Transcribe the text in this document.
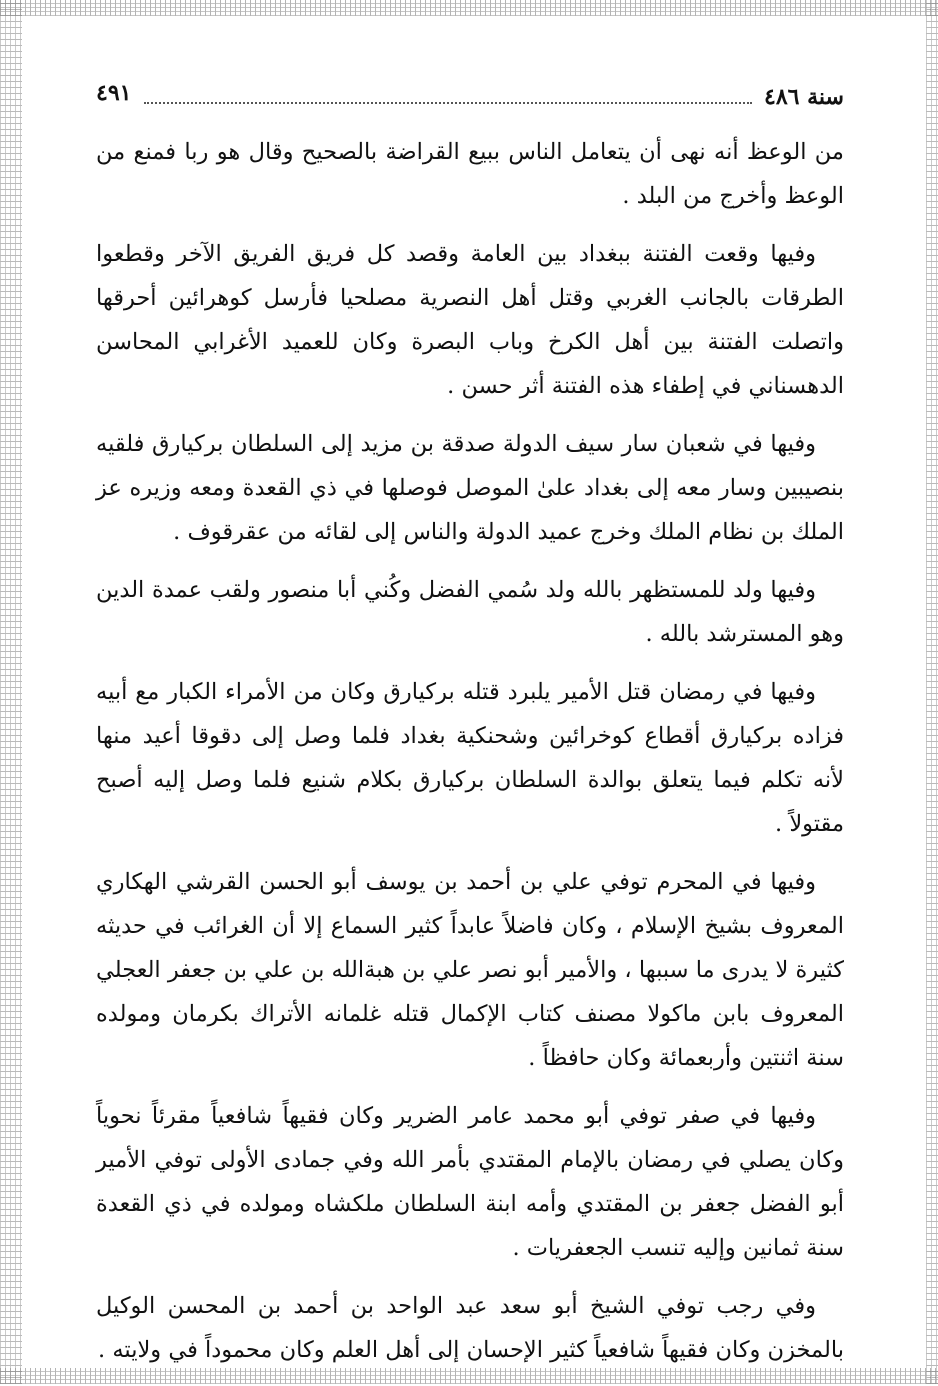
سنة ٤٨٦
٤٩١

من الوعظ أنه نهى أن يتعامل الناس ببيع القراضة بالصحيح وقال هو ربا فمنع من الوعظ وأخرج من البلد .

وفيها وقعت الفتنة ببغداد بين العامة وقصد كل فريق الفريق الآخر وقطعوا الطرقات بالجانب الغربي وقتل أهل النصرية مصلحيا فأرسل كوهرائين أحرقها واتصلت الفتنة بين أهل الكرخ وباب البصرة وكان للعميد الأغرابي المحاسن الدهسناني في إطفاء هذه الفتنة أثر حسن .

وفيها في شعبان سار سيف الدولة صدقة بن مزيد إلى السلطان بركيارق فلقيه بنصيبين وسار معه إلى بغداد علىٰ الموصل فوصلها في ذي القعدة ومعه وزيره عز الملك بن نظام الملك وخرج عميد الدولة والناس إلى لقائه من عقرقوف .

وفيها ولد للمستظهر بالله ولد سُمي الفضل وكُني أبا منصور ولقب عمدة الدين وهو المسترشد بالله .

وفيها في رمضان قتل الأمير يلبرد قتله بركيارق وكان من الأمراء الكبار مع أبيه فزاده بركيارق أقطاع كوخرائين وشحنكية بغداد فلما وصل إلى دقوقا أعيد منها لأنه تكلم فيما يتعلق بوالدة السلطان بركيارق بكلام شنيع فلما وصل إليه أصبح مقتولاً .

وفيها في المحرم توفي علي بن أحمد بن يوسف أبو الحسن القرشي الهكاري المعروف بشيخ الإسلام ، وكان فاضلاً عابداً كثير السماع إلا أن الغرائب في حديثه كثيرة لا يدرى ما سببها ، والأمير أبو نصر علي بن هبةالله بن علي بن جعفر العجلي المعروف بابن ماكولا مصنف كتاب الإكمال قتله غلمانه الأتراك بكرمان ومولده سنة اثنتين وأربعمائة وكان حافظاً .

وفيها في صفر توفي أبو محمد عامر الضرير وكان فقيهاً شافعياً مقرئاً نحوياً وكان يصلي في رمضان بالإمام المقتدي بأمر الله وفي جمادى الأولى توفي الأمير أبو الفضل جعفر بن المقتدي وأمه ابنة السلطان ملكشاه ومولده في ذي القعدة سنة ثمانين وإليه تنسب الجعفريات .

وفي رجب توفي الشيخ أبو سعد عبد الواحد بن أحمد بن المحسن الوكيل بالمخزن وكان فقيهاً شافعياً كثير الإحسان إلى أهل العلم وكان محموداً في ولايته .
